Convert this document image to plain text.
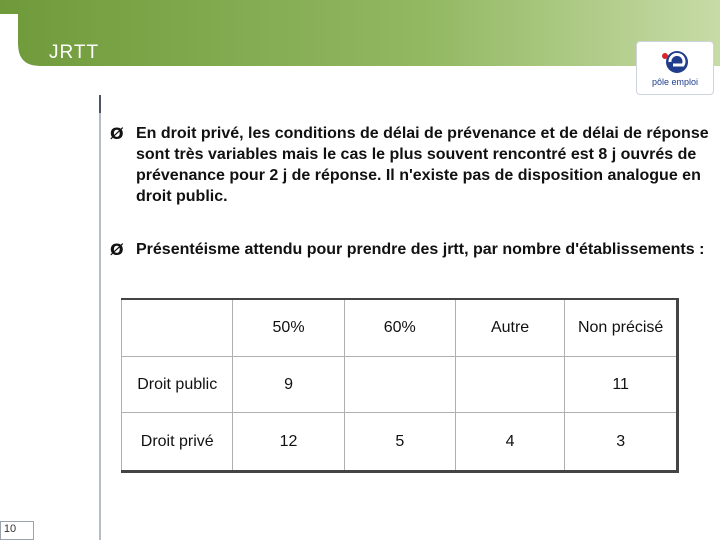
JRTT
pôle emploi
Ø En droit privé, les conditions de délai de prévenance et de délai de réponse sont très variables mais le cas le plus souvent rencontré est 8 j ouvrés de prévenance pour 2 j de réponse. Il n'existe pas de disposition analogue en droit public.
Ø Présentéisme attendu pour prendre des jrtt, par nombre d'établissements :
	50%	60%	Autre	Non précisé
Droit public	9			11
Droit privé	12	5	4	3
10
